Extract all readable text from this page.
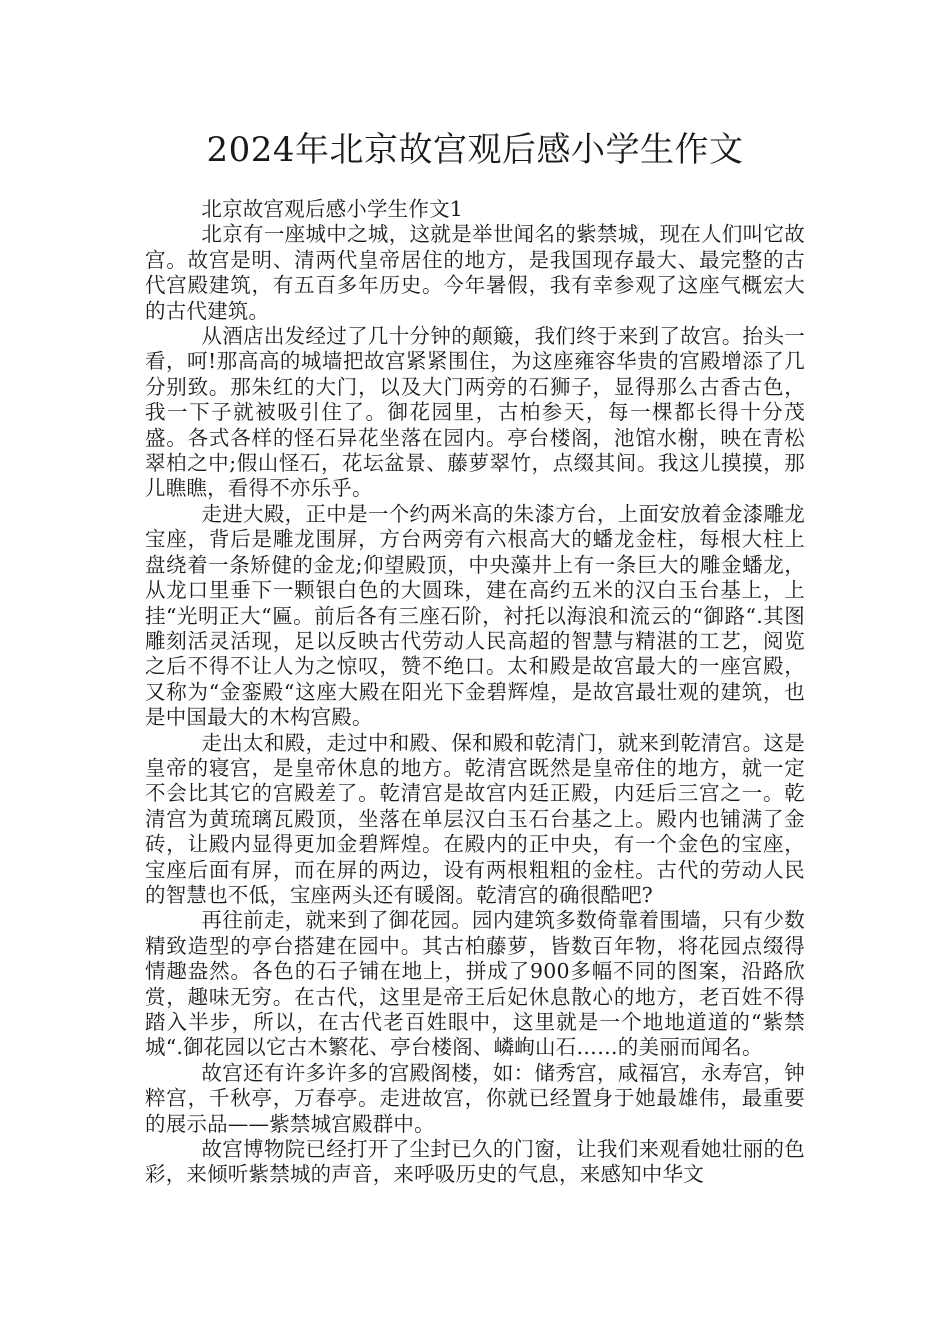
2024年北京故宫观后感小学生作文

北京故宫观后感小学生作文1

北京有一座城中之城，这就是举世闻名的紫禁城，现在人们叫它故宫。故宫是明、清两代皇帝居住的地方，是我国现存最大、最完整的古代宫殿建筑，有五百多年历史。今年暑假，我有幸参观了这座气概宏大的古代建筑。

从酒店出发经过了几十分钟的颠簸，我们终于来到了故宫。抬头一看，呵!那高高的城墙把故宫紧紧围住，为这座雍容华贵的宫殿增添了几分别致。那朱红的大门，以及大门两旁的石狮子，显得那么古香古色，我一下子就被吸引住了。御花园里，古柏参天，每一棵都长得十分茂盛。各式各样的怪石异花坐落在园内。亭台楼阁，池馆水榭，映在青松翠柏之中;假山怪石，花坛盆景、藤萝翠竹，点缀其间。我这儿摸摸，那儿瞧瞧，看得不亦乐乎。

走进大殿，正中是一个约两米高的朱漆方台，上面安放着金漆雕龙宝座，背后是雕龙围屏，方台两旁有六根高大的蟠龙金柱，每根大柱上盘绕着一条矫健的金龙;仰望殿顶，中央藻井上有一条巨大的雕金蟠龙，从龙口里垂下一颗银白色的大圆珠，建在高约五米的汉白玉台基上，上挂“光明正大“匾。前后各有三座石阶，衬托以海浪和流云的“御路“.其图雕刻活灵活现，足以反映古代劳动人民高超的智慧与精湛的工艺，阅览之后不得不让人为之惊叹，赞不绝口。太和殿是故宫最大的一座宫殿，又称为“金銮殿“这座大殿在阳光下金碧辉煌，是故宫最壮观的建筑，也是中国最大的木构宫殿。

走出太和殿，走过中和殿、保和殿和乾清门，就来到乾清宫。这是皇帝的寝宫，是皇帝休息的地方。乾清宫既然是皇帝住的地方，就一定不会比其它的宫殿差了。乾清宫是故宫内廷正殿，内廷后三宫之一。乾清宫为黄琉璃瓦殿顶，坐落在单层汉白玉石台基之上。殿内也铺满了金砖，让殿内显得更加金碧辉煌。在殿内的正中央，有一个金色的宝座，宝座后面有屏，而在屏的两边，设有两根粗粗的金柱。古代的劳动人民的智慧也不低，宝座两头还有暖阁。乾清宫的确很酷吧?

再往前走，就来到了御花园。园内建筑多数倚靠着围墙，只有少数精致造型的亭台搭建在园中。其古柏藤萝，皆数百年物，将花园点缀得情趣盎然。各色的石子铺在地上，拼成了900多幅不同的图案，沿路欣赏，趣味无穷。在古代，这里是帝王后妃休息散心的地方，老百姓不得踏入半步，所以，在古代老百姓眼中，这里就是一个地地道道的“紫禁城“.御花园以它古木繁花、亭台楼阁、嶙峋山石……的美丽而闻名。

故宫还有许多许多的宫殿阁楼，如：储秀宫，咸福宫，永寿宫，钟粹宫，千秋亭，万春亭。走进故宫，你就已经置身于她最雄伟，最重要的展示品——紫禁城宫殿群中。

故宫博物院已经打开了尘封已久的门窗，让我们来观看她壮丽的色彩，来倾听紫禁城的声音，来呼吸历史的气息，来感知中华文
